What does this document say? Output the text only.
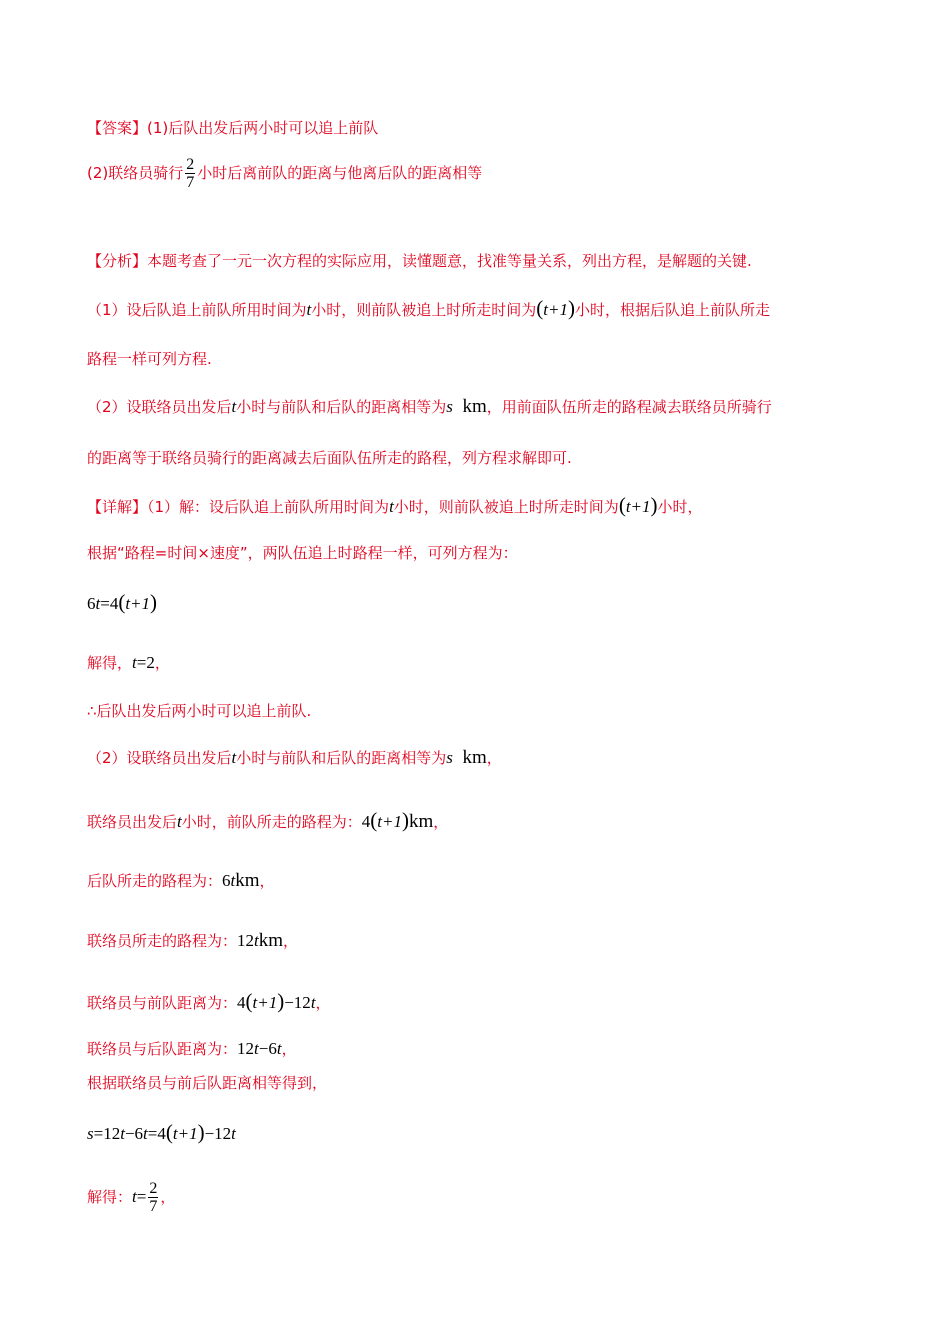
【答案】(1)后队出发后两小时可以追上前队
(2)联络员骑行 $\frac{2}{7}$ 小时后离前队的距离与他离后队的距离相等
【分析】本题考查了一元一次方程的实际应用，读懂题意，找准等量关系，列出方程，是解题的关键.
（1）设后队追上前队所用时间为t小时，则前队被追上时所走时间为(t+1)小时，根据后队追上前队所走
路程一样可列方程.
（2）设联络员出发后t小时与前队和后队的距离相等为s km，用前面队伍所走的路程减去联络员所骑行
的距离等于联络员骑行的距离减去后面队伍所走的路程，列方程求解即可.
【详解】（1）解：设后队追上前队所用时间为t小时，则前队被追上时所走时间为(t+1)小时，
根据“路程=时间×速度”，两队伍追上时路程一样，可列方程为：
6t=4(t+1)
解得，t=2，
∴后队出发后两小时可以追上前队.
（2）设联络员出发后t小时与前队和后队的距离相等为s km，
联络员出发后t小时，前队所走的路程为：4(t+1)km，
后队所走的路程为：6tkm，
联络员所走的路程为：12tkm，
联络员与前队距离为：4(t+1)−12t，
联络员与后队距离为：12t−6t，
根据联络员与前后队距离相等得到，
s=12t−6t=4(t+1)−12t
解得：$t= \frac{2}{7}$ ，
